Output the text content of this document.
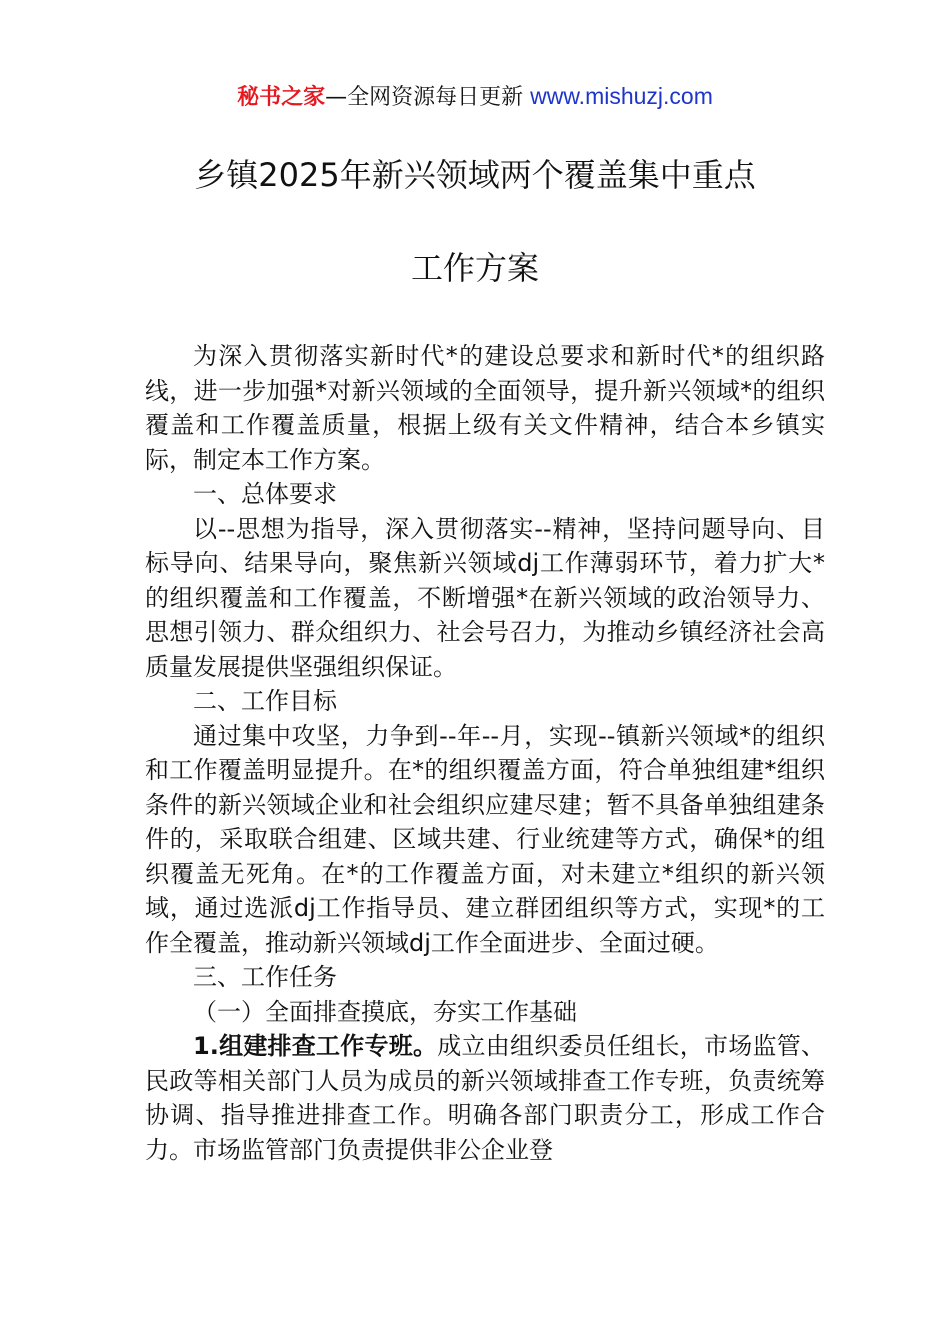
秘书之家—全网资源每日更新 www.mishuzj.com
乡镇2025年新兴领域两个覆盖集中重点
工作方案

为深入贯彻落实新时代*的建设总要求和新时代*的组织路线，进一步加强*对新兴领域的全面领导，提升新兴领域*的组织覆盖和工作覆盖质量，根据上级有关文件精神，结合本乡镇实际，制定本工作方案。

一、总体要求

以--思想为指导，深入贯彻落实--精神，坚持问题导向、目标导向、结果导向，聚焦新兴领域dj工作薄弱环节，着力扩大*的组织覆盖和工作覆盖，不断增强*在新兴领域的政治领导力、思想引领力、群众组织力、社会号召力，为推动乡镇经济社会高质量发展提供坚强组织保证。

二、工作目标

通过集中攻坚，力争到--年--月，实现--镇新兴领域*的组织和工作覆盖明显提升。在*的组织覆盖方面，符合单独组建*组织条件的新兴领域企业和社会组织应建尽建；暂不具备单独组建条件的，采取联合组建、区域共建、行业统建等方式，确保*的组织覆盖无死角。在*的工作覆盖方面，对未建立*组织的新兴领域，通过选派dj工作指导员、建立群团组织等方式，实现*的工作全覆盖，推动新兴领域dj工作全面进步、全面过硬。

三、工作任务

（一）全面排查摸底，夯实工作基础

1.组建排查工作专班。成立由组织委员任组长，市场监管、民政等相关部门人员为成员的新兴领域排查工作专班，负责统筹协调、指导推进排查工作。明确各部门职责分工，形成工作合力。市场监管部门负责提供非公企业登
